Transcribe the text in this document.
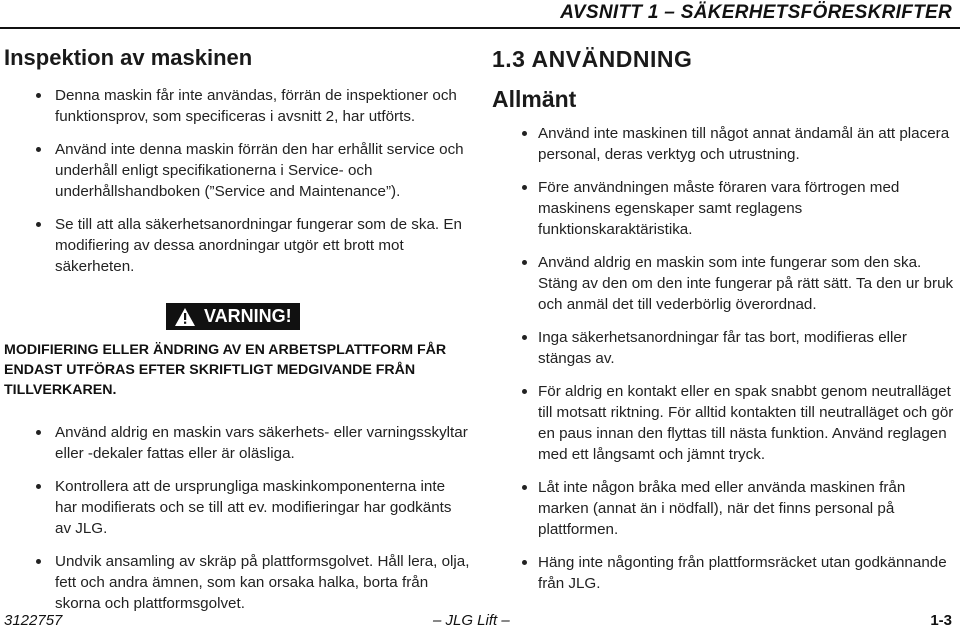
AVSNITT 1 – SÄKERHETSFÖRESKRIFTER
Inspektion av maskinen
Denna maskin får inte användas, förrän de inspektioner och funktionsprov, som specificeras i avsnitt 2, har utförts.
Använd inte denna maskin förrän den har erhållit service och underhåll enligt specifikationerna i Service- och underhållshandboken (”Service and Maintenance”).
Se till att alla säkerhetsanordningar fungerar som de ska. En modifiering av dessa anordningar utgör ett brott mot säkerheten.
VARNING!
MODIFIERING ELLER ÄNDRING AV EN ARBETSPLATTFORM FÅR ENDAST UTFÖRAS EFTER SKRIFTLIGT MEDGIVANDE FRÅN TILLVERKAREN.
Använd aldrig en maskin vars säkerhets- eller varningsskyltar eller -dekaler fattas eller är oläsliga.
Kontrollera att de ursprungliga maskinkomponenterna inte har modifierats och se till att ev. modifieringar har godkänts av JLG.
Undvik ansamling av skräp på plattformsgolvet. Håll lera, olja, fett och andra ämnen, som kan orsaka halka, borta från skorna och plattformsgolvet.
1.3 ANVÄNDNING
Allmänt
Använd inte maskinen till något annat ändamål än att placera personal, deras verktyg och utrustning.
Före användningen måste föraren vara förtrogen med maskinens egenskaper samt reglagens funktionskaraktäristika.
Använd aldrig en maskin som inte fungerar som den ska. Stäng av den om den inte fungerar på rätt sätt. Ta den ur bruk och anmäl det till vederbörlig överordnad.
Inga säkerhetsanordningar får tas bort, modifieras eller stängas av.
För aldrig en kontakt eller en spak snabbt genom neutralläget till motsatt riktning. För alltid kontakten till neutralläget och gör en paus innan den flyttas till nästa funktion. Använd reglagen med ett långsamt och jämnt tryck.
Låt inte någon bråka med eller använda maskinen från marken (annat än i nödfall), när det finns personal på plattformen.
Häng inte någonting från plattformsräcket utan godkännande från JLG.
3122757	– JLG Lift –	1-3
